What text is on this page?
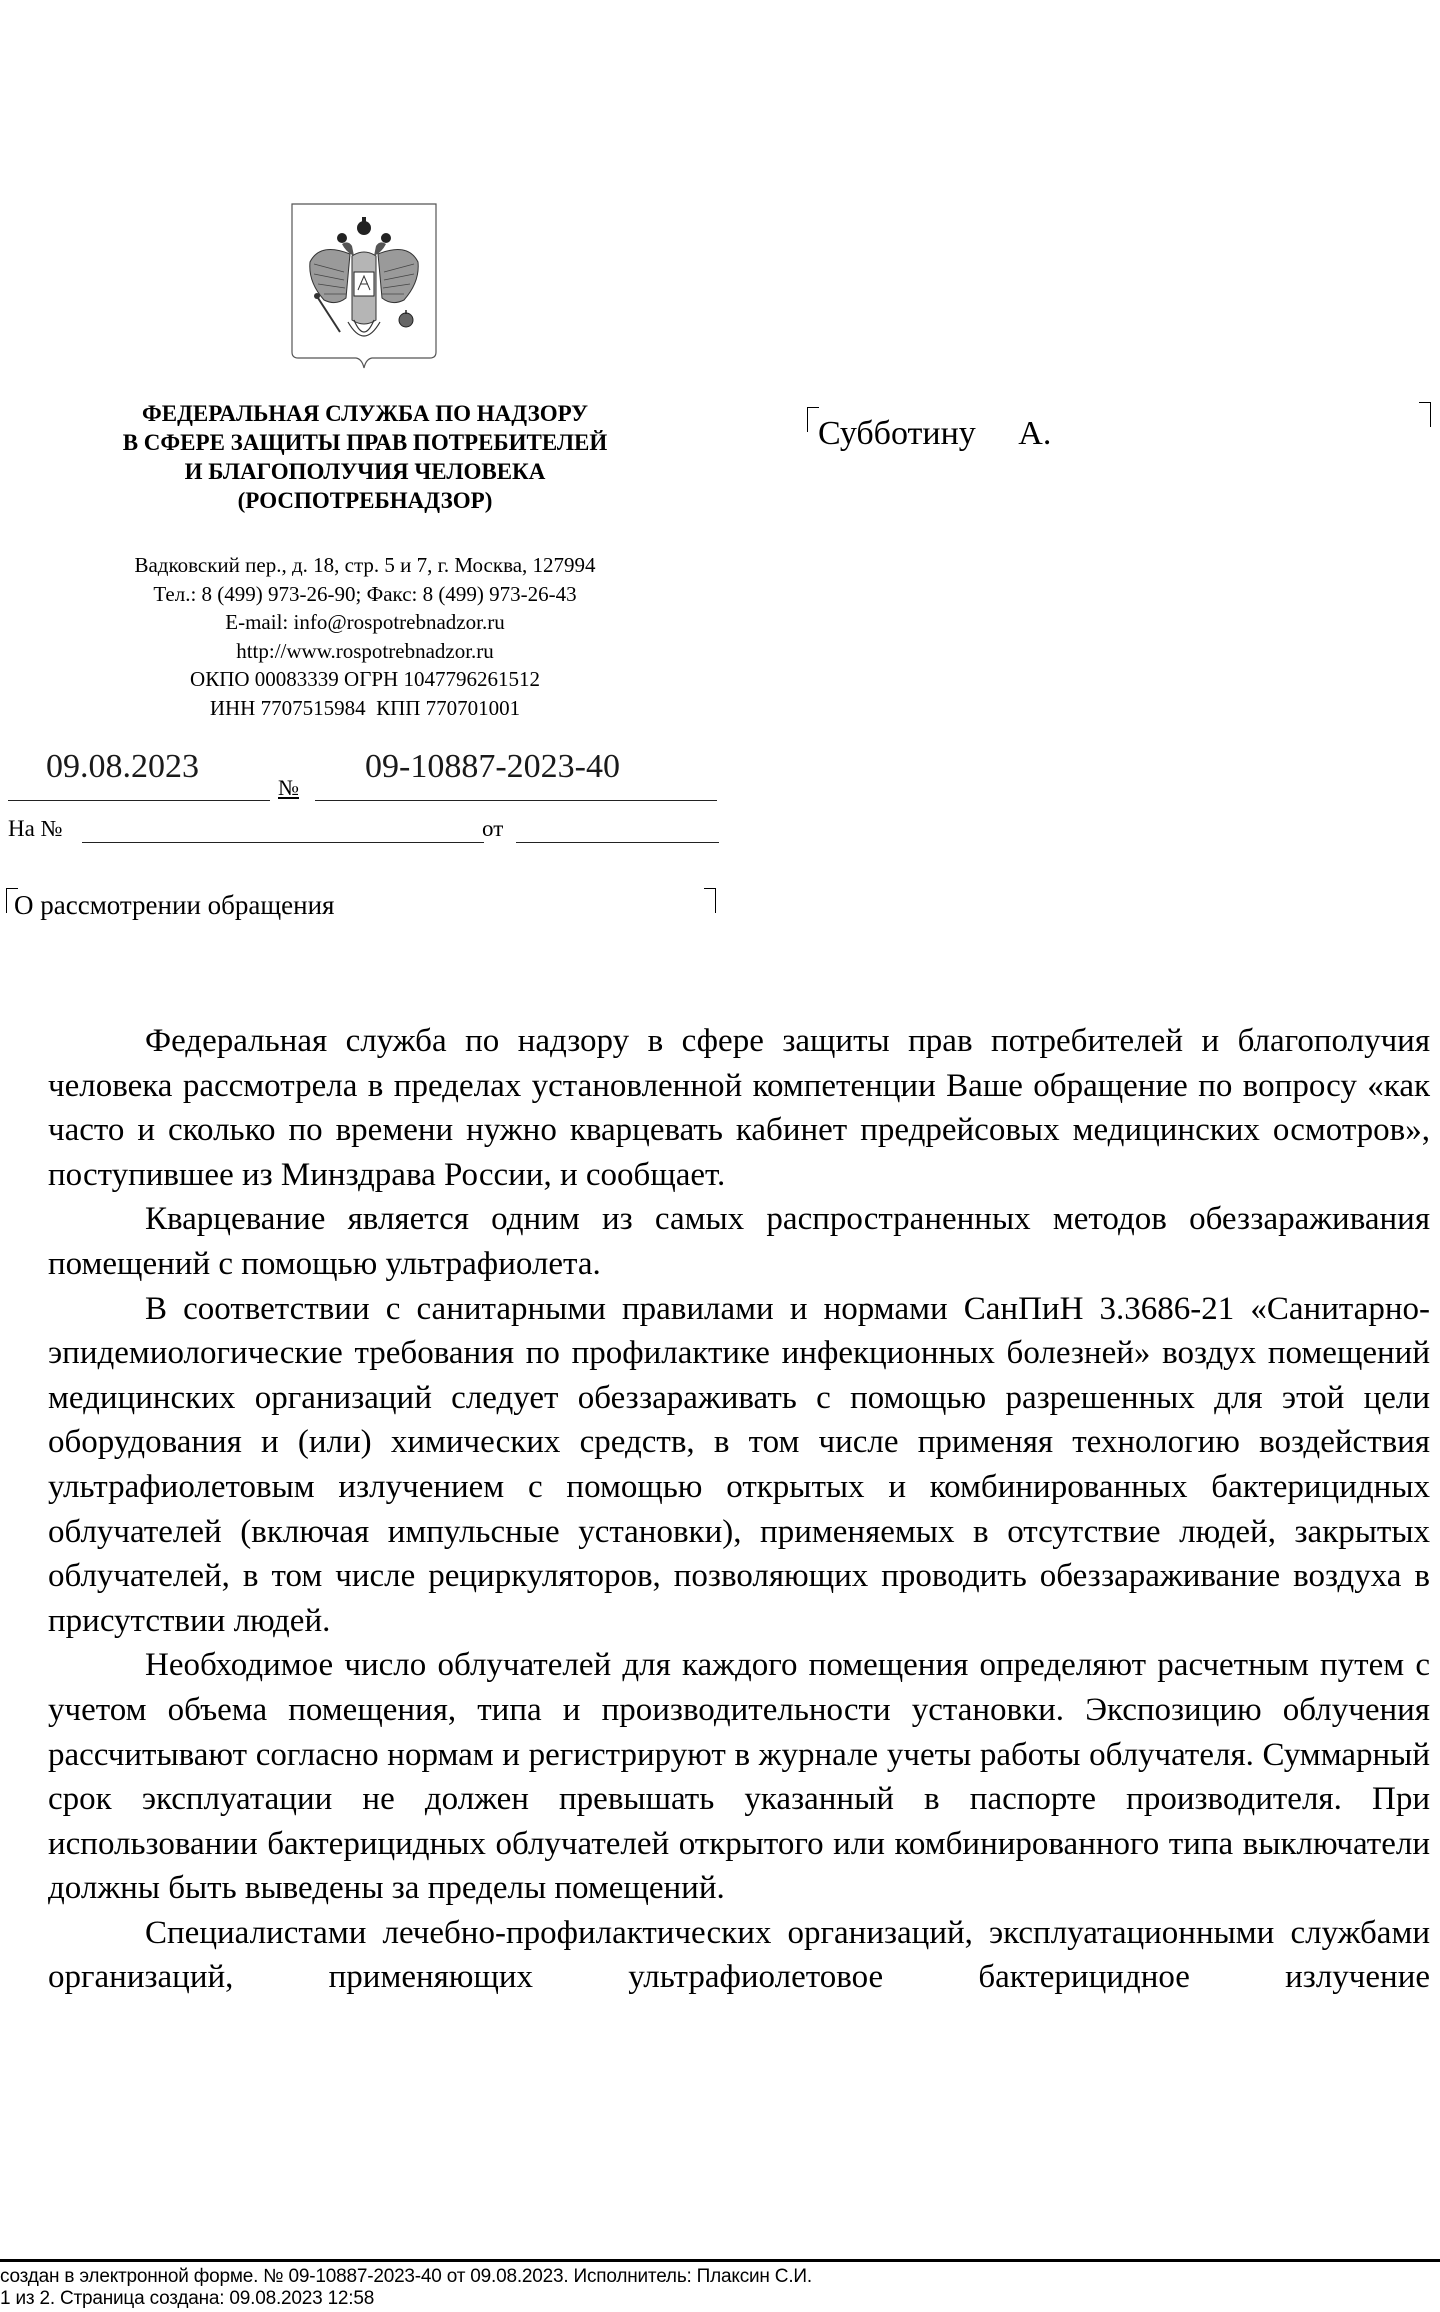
ФЕДЕРАЛЬНАЯ СЛУЖБА ПО НАДЗОРУ
В СФЕРЕ ЗАЩИТЫ ПРАВ ПОТРЕБИТЕЛЕЙ
И БЛАГОПОЛУЧИЯ ЧЕЛОВЕКА
(РОСПОТРЕБНАДЗОР)
Вадковский пер., д. 18, стр. 5 и 7, г. Москва, 127994
Тел.: 8 (499) 973-26-90; Факс: 8 (499) 973-26-43
E-mail: info@rospotrebnadzor.ru
http://www.rospotrebnadzor.ru
ОКПО 00083339 ОГРН 1047796261512
ИНН 7707515984  КПП 770701001
09.08.2023
№
09-10887-2023-40
На №	от
О рассмотрении обращения
Субботину     А.

Федеральная служба по надзору в сфере защиты прав потребителей и благополучия человека рассмотрела в пределах установленной компетенции Ваше обращение по вопросу «как часто и сколько по времени нужно кварцевать кабинет предрейсовых медицинских осмотров», поступившее из Минздрава России, и сообщает.

Кварцевание является одним из самых распространенных методов обеззараживания помещений с помощью ультрафиолета.

В соответствии с санитарными правилами и нормами СанПиН 3.3686-21 «Санитарно-эпидемиологические требования по профилактике инфекционных болезней» воздух помещений медицинских организаций следует обеззараживать с помощью разрешенных для этой цели оборудования и (или) химических средств, в том числе применяя технологию воздействия ультрафиолетовым излучением с помощью открытых и комбинированных бактерицидных облучателей (включая импульсные установки), применяемых в отсутствие людей, закрытых облучателей, в том числе рециркуляторов, позволяющих проводить обеззараживание воздуха в присутствии людей.

Необходимое число облучателей для каждого помещения определяют расчетным путем с учетом объема помещения, типа и производительности установки. Экспозицию облучения рассчитывают согласно нормам и регистрируют в журнале учеты работы облучателя. Суммарный срок эксплуатации не должен превышать указанный в паспорте производителя. При использовании бактерицидных облучателей открытого или комбинированного типа выключатели должны быть выведены за пределы помещений.

Специалистами лечебно-профилактических организаций, эксплуатационными службами организаций, применяющих ультрафиолетовое бактерицидное излучение

создан в электронной форме. № 09-10887-2023-40 от 09.08.2023. Исполнитель: Плаксин С.И.
1 из 2. Страница создана: 09.08.2023 12:58
